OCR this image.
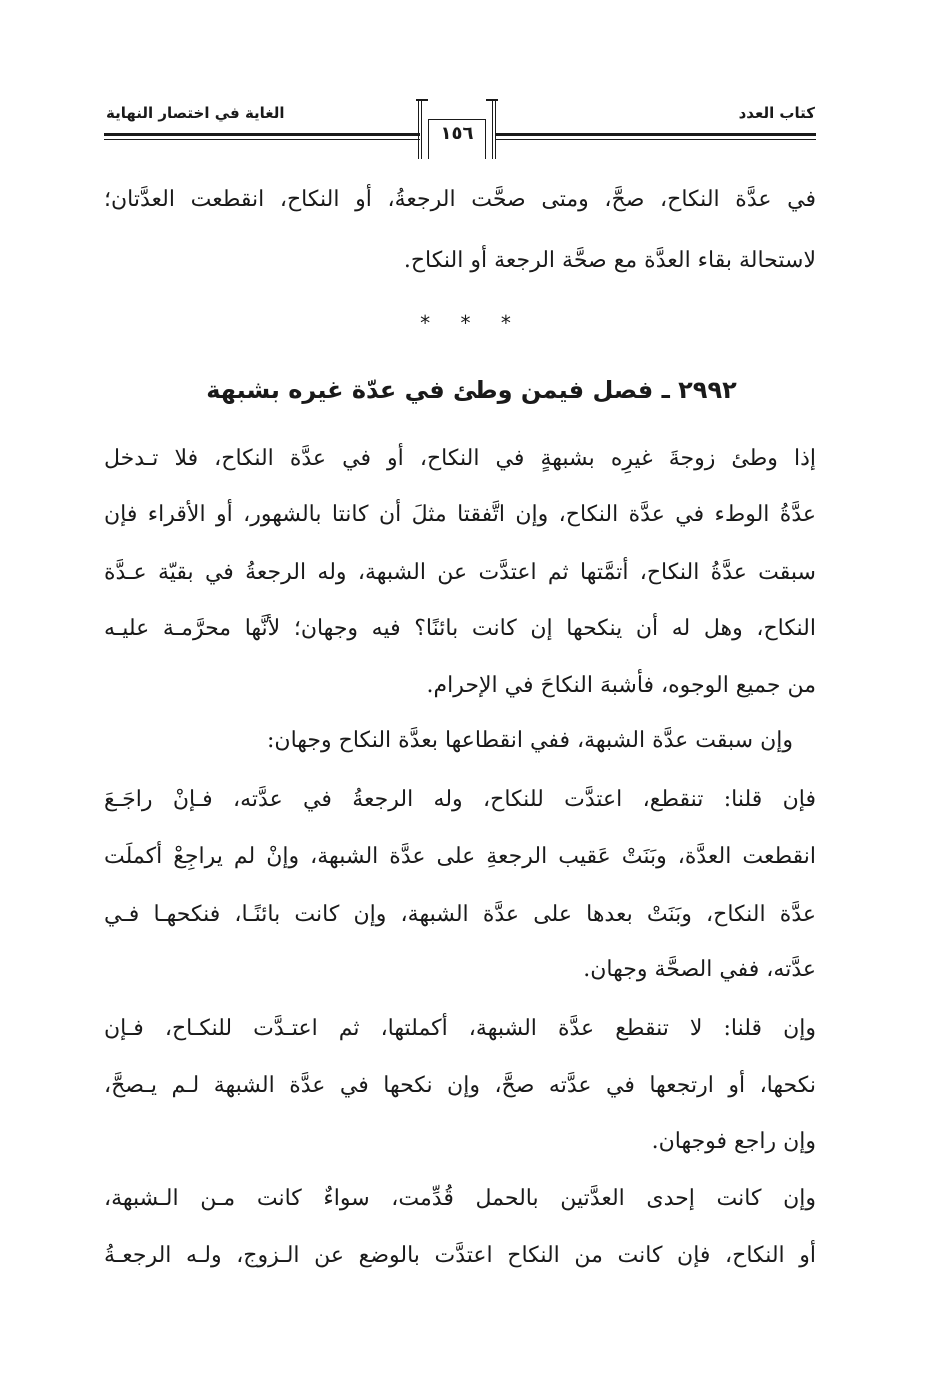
كتاب العدد
الغاية في اختصار النهاية
١٥٦
في عدَّة النكاح، صحَّ، ومتى صحَّت الرجعةُ، أو النكاح، انقطعت العدَّتان؛
لاستحالة بقاء العدَّة مع صحَّة الرجعة أو النكاح.
* * *
٢٩٩٢ ـ فصل فيمن وطئ في عدّة غيره بشبهة
إذا وطئ زوجةَ غيرِه بشبهةٍ في النكاح، أو في عدَّة النكاح، فلا تـدخل
عدَّةُ الوطء في عدَّة النكاح، وإن اتَّفقتا مثلَ أن كانتا بالشهور، أو الأقراء فإن
سبقت عدَّةُ النكاح، أتمَّتها ثم اعتدَّت عن الشبهة، وله الرجعةُ في بقيّة عـدَّة
النكاح، وهل له أن ينكحها إن كانت بائنًا؟ فيه وجهان؛ لأنَّها محرَّمـة عليـه
من جميع الوجوه، فأشبهَ النكاحَ في الإحرام.
وإن سبقت عدَّة الشبهة، ففي انقطاعها بعدَّة النكاح وجهان:
فإن قلنا: تنقطع، اعتدَّت للنكاح، وله الرجعةُ في عدَّته، فـإنْ راجَـعَ
انقطعت العدَّة، وبَنَتْ عَقيب الرجعةِ على عدَّة الشبهة، وإنْ لم يراجِعْ أكملَت
عدَّة النكاح، وبَنَتْ بعدها على عدَّة الشبهة، وإن كانت بائنًـا، فنكحهـا فـي
عدَّته، ففي الصحَّة وجهان.
وإن قلنا: لا تنقطع عدَّة الشبهة، أكملتها، ثم اعتـدَّت للنكـاح، فـإن
نكحها، أو ارتجعها في عدَّته صحَّ، وإن نكحها في عدَّة الشبهة لـم يـصحَّ،
وإن راجع فوجهان.
وإن كانت إحدى العدَّتين بالحمل قُدِّمت، سواءٌ كانت مـن الـشبهة،
أو النكاح، فإن كانت من النكاح اعتدَّت بالوضع عن الـزوج، ولـه الرجعـةُ
